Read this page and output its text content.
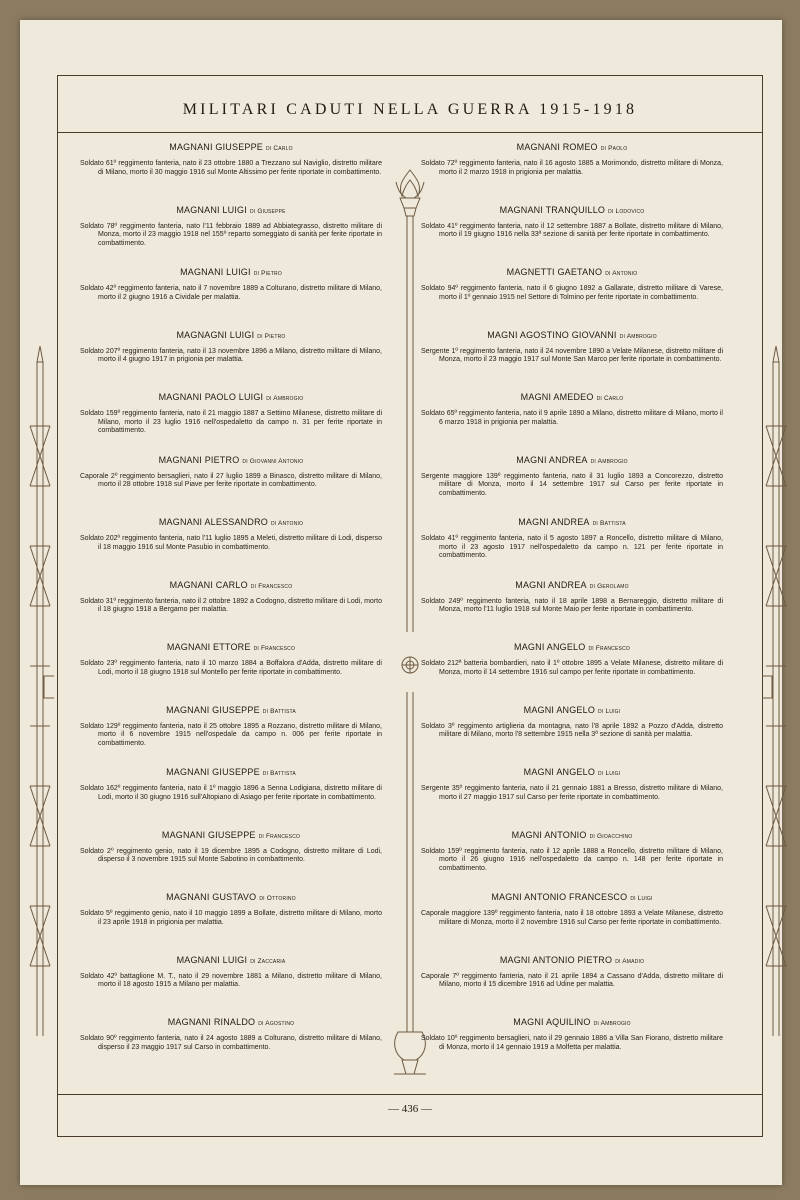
MILITARI CADUTI NELLA GUERRA 1915-1918
MAGNANI GIUSEPPE di Carlo
Soldato 61º reggimento fanteria, nato il 23 ottobre 1880 a Trezzano sul Naviglio, distretto militare di Milano, morto il 30 maggio 1916 sul Monte Altissimo per ferite riportate in combattimento.
MAGNANI LUIGI di Giuseppe
Soldato 78º reggimento fanteria, nato l'11 febbraio 1889 ad Abbiategrasso, distretto militare di Monza, morto il 23 maggio 1918 nel 155º reparto someggiato di sanità per ferite riportate in combattimento.
MAGNANI LUIGI di Pietro
Soldato 42º reggimento fanteria, nato il 7 novembre 1889 a Colturano, distretto militare di Milano, morto il 2 giugno 1916 a Cividale per malattia.
MAGNAGNI LUIGI di Pietro
Soldato 207º reggimento fanteria, nato il 13 novembre 1896 a Milano, distretto militare di Milano, morto il 4 giugno 1917 in prigionia per malattia.
MAGNANI PAOLO LUIGI di Ambrogio
Soldato 159º reggimento fanteria, nato il 21 maggio 1887 a Settimo Milanese, distretto militare di Milano, morto il 23 luglio 1916 nell'ospedaletto da campo n. 31 per ferite riportate in combattimento.
MAGNANI PIETRO di Giovanni Antonio
Caporale 2º reggimento bersaglieri, nato il 27 luglio 1899 a Binasco, distretto militare di Milano, morto il 28 ottobre 1918 sul Piave per ferite riportate in combattimento.
MAGNANI ALESSANDRO di Antonio
Soldato 202º reggimento fanteria, nato l'11 luglio 1895 a Meleti, distretto militare di Lodi, disperso il 18 maggio 1916 sul Monte Pasubio in combattimento.
MAGNANI CARLO di Francesco
Soldato 31º reggimento fanteria, nato il 2 ottobre 1892 a Codogno, distretto militare di Lodi, morto il 18 giugno 1918 a Bergamo per malattia.
MAGNANI ETTORE di Francesco
Soldato 23º reggimento fanteria, nato il 10 marzo 1884 a Boffalora d'Adda, distretto militare di Lodi, morto il 18 giugno 1918 sul Montello per ferite riportate in combattimento.
MAGNANI GIUSEPPE di Battista
Soldato 129º reggimento fanteria, nato il 25 ottobre 1895 a Rozzano, distretto militare di Milano, morto il 6 novembre 1915 nell'ospedale da campo n. 006 per ferite riportate in combattimento.
MAGNANI GIUSEPPE di Battista
Soldato 162º reggimento fanteria, nato il 1º maggio 1896 a Senna Lodigiana, distretto militare di Lodi, morto il 30 giugno 1916 sull'Altopiano di Asiago per ferite riportate in combattimento.
MAGNANI GIUSEPPE di Francesco
Soldato 2º reggimento genio, nato il 19 dicembre 1895 a Codogno, distretto militare di Lodi, disperso il 3 novembre 1915 sul Monte Sabotino in combattimento.
MAGNANI GUSTAVO di Ottorino
Soldato 5º reggimento genio, nato il 10 maggio 1899 a Bollate, distretto militare di Milano, morto il 23 aprile 1918 in prigionia per malattia.
MAGNANI LUIGI di Zaccaria
Soldato 42º battaglione M. T., nato il 29 novembre 1881 a Milano, distretto militare di Milano, morto il 18 agosto 1915 a Milano per malattia.
MAGNANI RINALDO di Agostino
Soldato 90º reggimento fanteria, nato il 24 agosto 1889 a Colturano, distretto militare di Milano, disperso il 23 maggio 1917 sul Carso in combattimento.
MAGNANI ROMEO di Paolo
Soldato 72º reggimento fanteria, nato il 16 agosto 1885 a Morimondo, distretto militare di Monza, morto il 2 marzo 1918 in prigionia per malattia.
MAGNANI TRANQUILLO di Lodovico
Soldato 41º reggimento fanteria, nato il 12 settembre 1887 a Bollate, distretto militare di Milano, morto il 19 giugno 1916 nella 33ª sezione di sanità per ferite riportate in combattimento.
MAGNETTI GAETANO di Antonio
Soldato 94º reggimento fanteria, nato il 6 giugno 1892 a Gallarate, distretto militare di Varese, morto il 1º gennaio 1915 nel Settore di Tolmino per ferite riportate in combattimento.
MAGNI AGOSTINO GIOVANNI di Ambrogio
Sergente 1º reggimento fanteria, nato il 24 novembre 1890 a Velate Milanese, distretto militare di Monza, morto il 23 maggio 1917 sul Monte San Marco per ferite riportate in combattimento.
MAGNI AMEDEO di Carlo
Soldato 65º reggimento fanteria, nato il 9 aprile 1890 a Milano, distretto militare di Milano, morto il 6 marzo 1918 in prigionia per malattia.
MAGNI ANDREA di Ambrogio
Sergente maggiore 139º reggimento fanteria, nato il 31 luglio 1893 a Concorezzo, distretto militare di Monza, morto il 14 settembre 1917 sul Carso per ferite riportate in combattimento.
MAGNI ANDREA di Battista
Soldato 41º reggimento fanteria, nato il 5 agosto 1897 a Roncello, distretto militare di Milano, morto il 23 agosto 1917 nell'ospedaletto da campo n. 121 per ferite riportate in combattimento.
MAGNI ANDREA di Gerolamo
Soldato 249º reggimento fanteria, nato il 18 aprile 1898 a Bernareggio, distretto militare di Monza, morto l'11 luglio 1918 sul Monte Maio per ferite riportate in combattimento.
MAGNI ANGELO di Francesco
Soldato 212ª batteria bombardieri, nato il 1º ottobre 1895 a Velate Milanese, distretto militare di Monza, morto il 14 settembre 1916 sul campo per ferite riportate in combattimento.
MAGNI ANGELO di Luigi
Soldato 3º reggimento artiglieria da montagna, nato l'8 aprile 1892 a Pozzo d'Adda, distretto militare di Milano, morto l'8 settembre 1915 nella 3ª sezione di sanità per malattia.
MAGNI ANGELO di Luigi
Sergente 35º reggimento fanteria, nato il 21 gennaio 1881 a Bresso, distretto militare di Milano, morto il 27 maggio 1917 sul Carso per ferite riportate in combattimento.
MAGNI ANTONIO di Gioacchino
Soldato 159º reggimento fanteria, nato il 12 aprile 1888 a Roncello, distretto militare di Milano, morto il 26 giugno 1916 nell'ospedaletto da campo n. 148 per ferite riportate in combattimento.
MAGNI ANTONIO FRANCESCO di Luigi
Caporale maggiore 139º reggimento fanteria, nato il 18 ottobre 1893 a Velate Milanese, distretto militare di Monza, morto il 2 novembre 1916 sul Carso per ferite riportate in combattimento.
MAGNI ANTONIO PIETRO di Amadio
Caporale 7º reggimento fanteria, nato il 21 aprile 1894 a Cassano d'Adda, distretto militare di Milano, morto il 15 dicembre 1916 ad Udine per malattia.
MAGNI AQUILINO di Ambrogio
Soldato 10º reggimento bersaglieri, nato il 29 gennaio 1886 a Villa San Fiorano, distretto militare di Monza, morto il 14 gennaio 1919 a Molfetta per malattia.
— 436 —
